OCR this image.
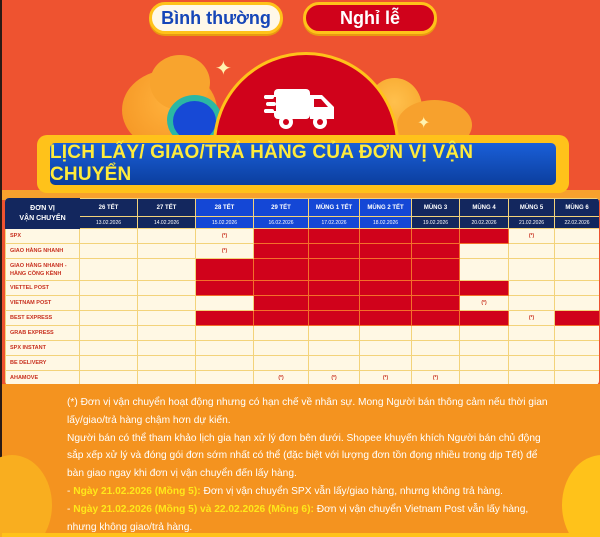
Bình thường	Nghỉ lễ
✦
✦
LỊCH LẤY/ GIAO/TRẢ HÀNG CỦA ĐƠN VỊ VẬN CHUYỂN
ĐƠN VỊ
VẬN CHUYỂN	26 TẾT	27 TẾT	28 TẾT	29 TẾT	MÙNG 1 TẾT	MÙNG 2 TẾT	MÙNG 3	MÙNG 4	MÙNG 5	MÙNG 6
	13.02.2026	14.02.2026	15.02.2026	16.02.2026	17.02.2026	18.02.2026	19.02.2026	20.02.2026	21.02.2026	22.02.2026
SPX			(*)						(*)	
GIAO HÀNG NHANH			(*)							
GIAO HÀNG NHANH - HÀNG CỒNG KỀNH										
VIETTEL POST										
VIETNAM POST								(*)		
BEST EXPRESS									(*)	
GRAB EXPRESS										
SPX INSTANT										
BE DELIVERY										
AHAMOVE				(*)	(*)	(*)	(*)			
(*) Đơn vị vận chuyển hoạt động nhưng có hạn chế về nhân sự. Mong Người bán thông cảm nếu thời gian lấy/giao/trả hàng chậm hơn dự kiến.
Người bán có thể tham khảo lịch gia hạn xử lý đơn bên dưới. Shopee khuyến khích Người bán chủ động sắp xếp xử lý và đóng gói đơn sớm nhất có thể (đặc biệt với lượng đơn tồn đọng nhiều trong dịp Tết) để bàn giao ngay khi đơn vị vận chuyển đến lấy hàng.
- Ngày 21.02.2026 (Mồng 5): Đơn vị vận chuyển SPX vẫn lấy/giao hàng, nhưng không trả hàng.
- Ngày 21.02.2026 (Mồng 5) và 22.02.2026 (Mồng 6): Đơn vị vận chuyển Vietnam Post vẫn lấy hàng, nhưng không giao/trả hàng.
